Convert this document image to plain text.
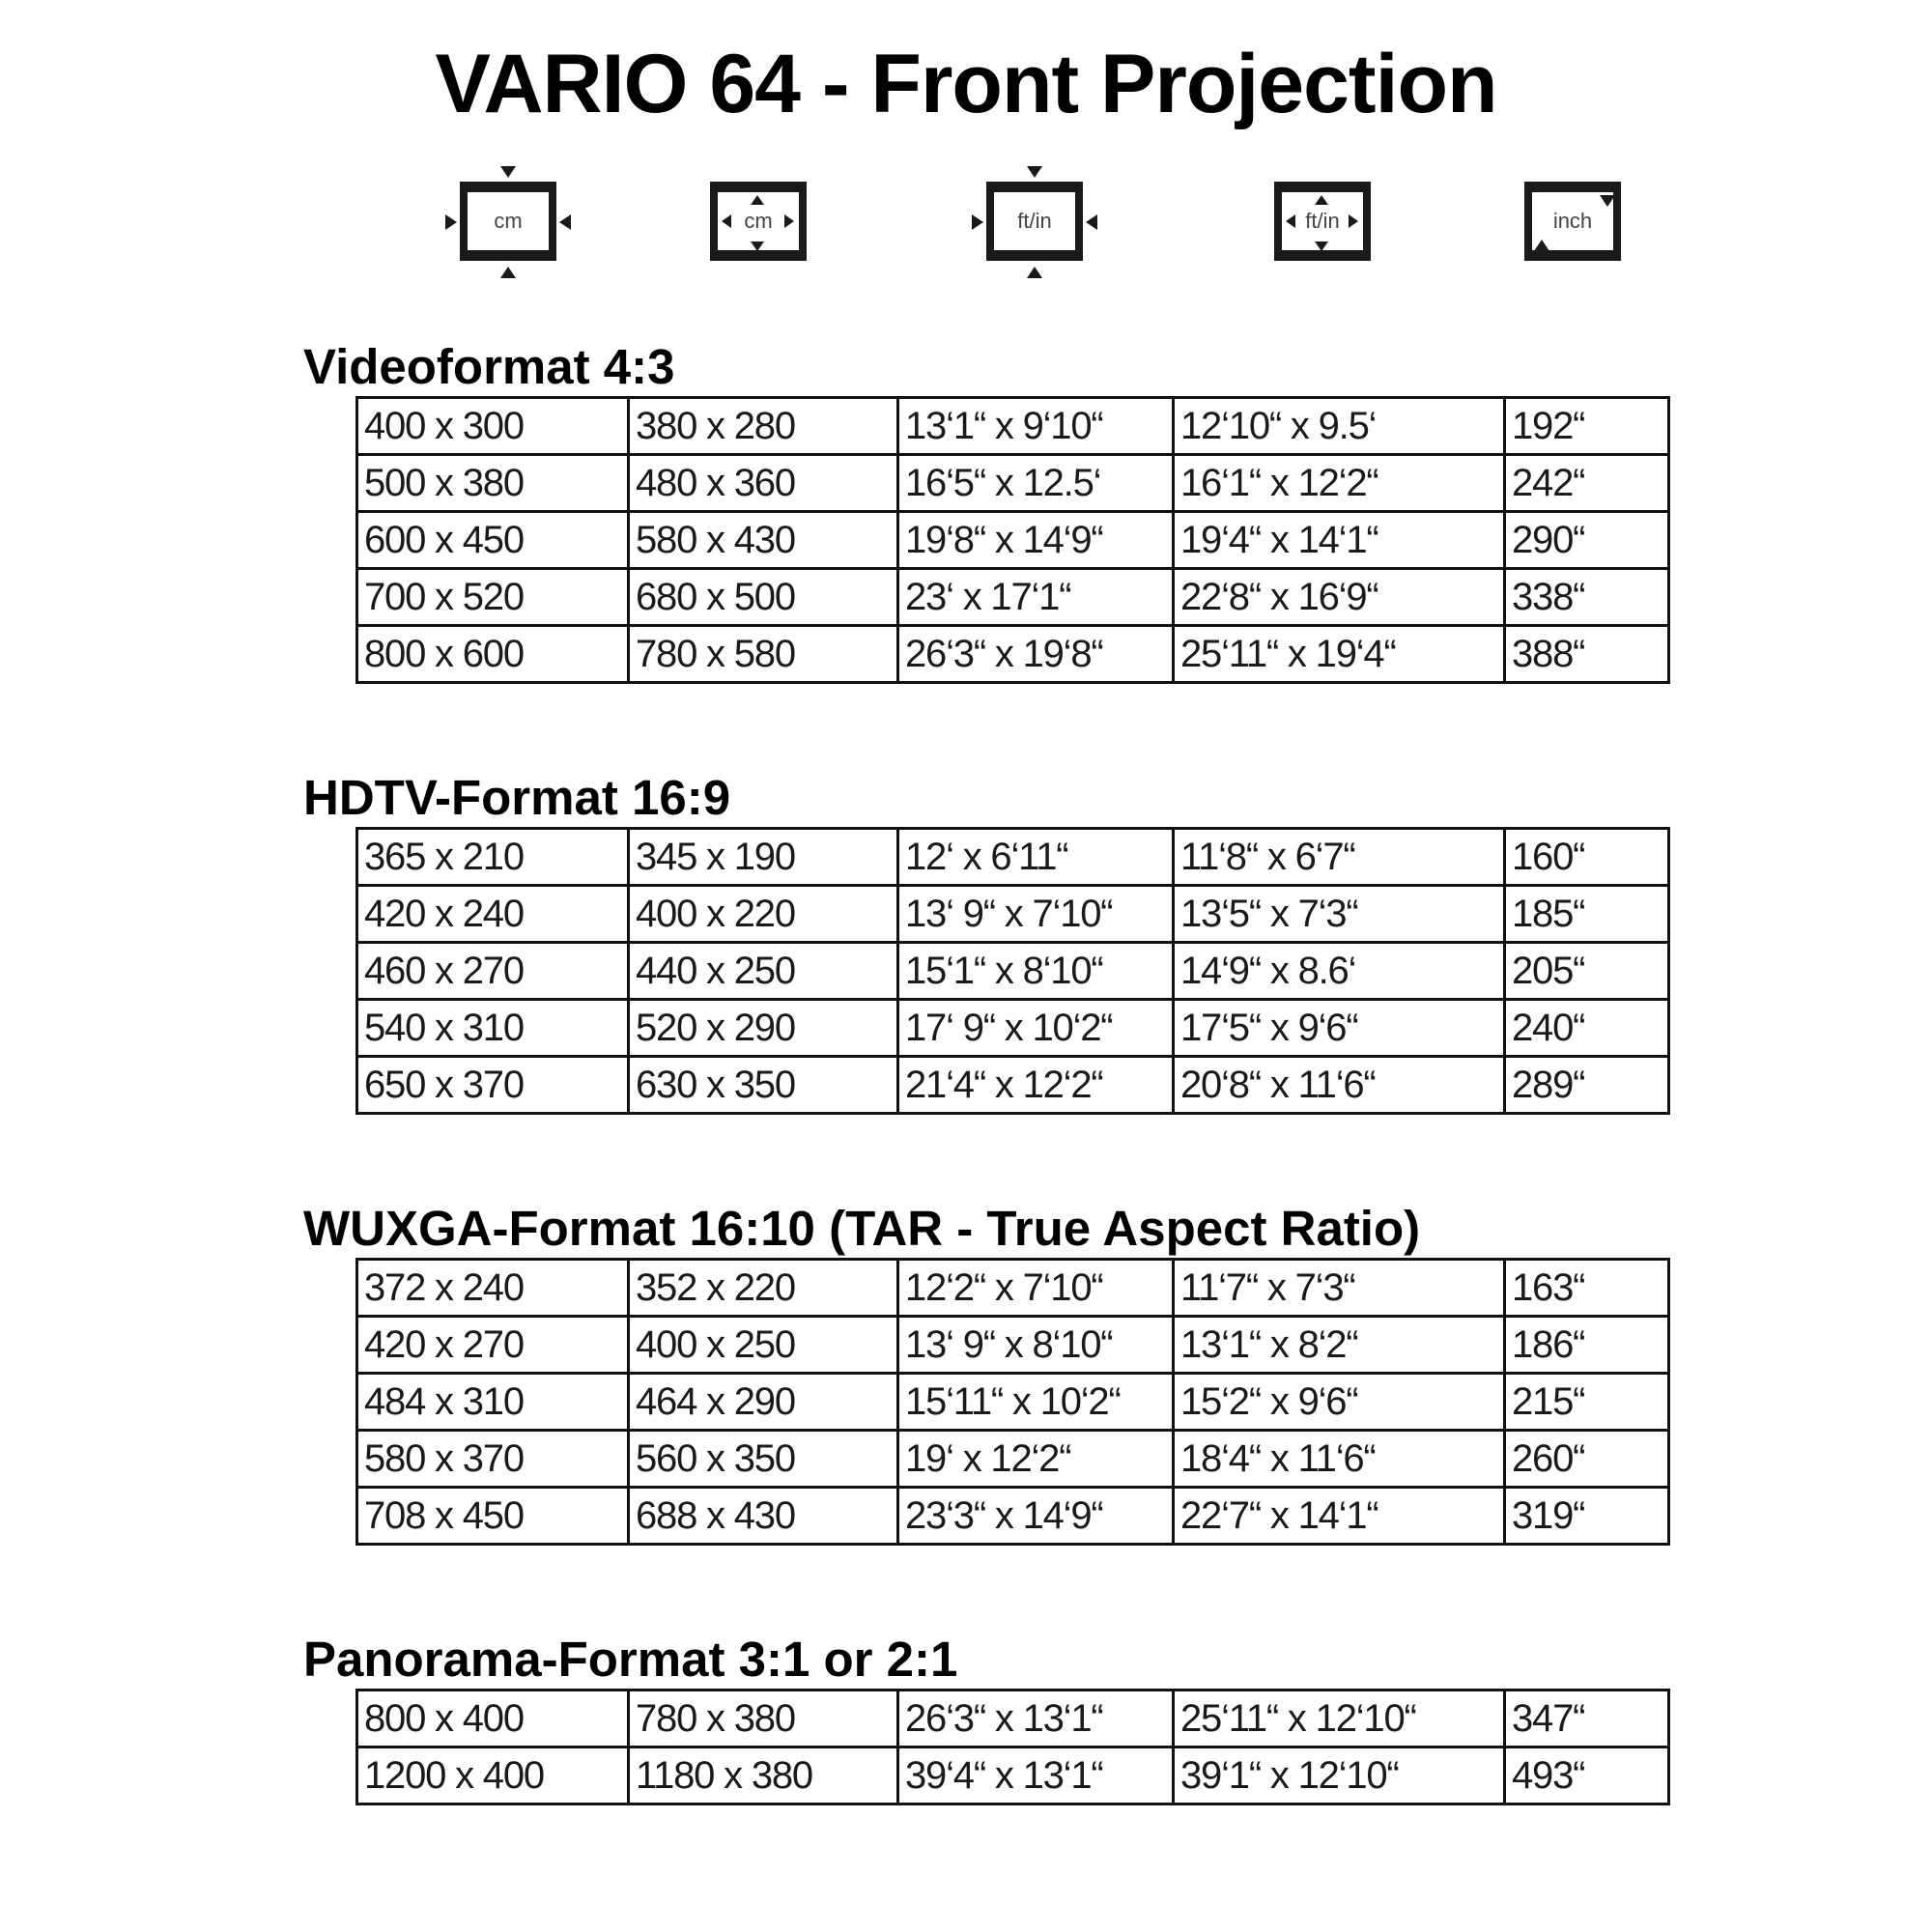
VARIO 64 - Front Projection
cm	cm	ft/in	ft/in	inch
Videoformat 4:3
400 x 300	380 x 280	13‘1“ x 9‘10“	12‘10“ x 9.5‘	192“
500 x 380	480 x 360	16‘5“ x 12.5‘	16‘1“ x 12‘2“	242“
600 x 450	580 x 430	19‘8“ x 14‘9“	19‘4“ x 14‘1“	290“
700 x 520	680 x 500	23‘ x 17‘1“	22‘8“ x 16‘9“	338“
800 x 600	780 x 580	26‘3“ x 19‘8“	25‘11“ x 19‘4“	388“
HDTV-Format 16:9
365 x 210	345 x 190	12‘ x 6‘11“	11‘8“ x 6‘7“	160“
420 x 240	400 x 220	13‘ 9“ x 7‘10“	13‘5“ x 7‘3“	185“
460 x 270	440 x 250	15‘1“ x 8‘10“	14‘9“ x 8.6‘	205“
540 x 310	520 x 290	17‘ 9“ x 10‘2“	17‘5“ x 9‘6“	240“
650 x 370	630 x 350	21‘4“ x 12‘2“	20‘8“ x 11‘6“	289“
WUXGA-Format 16:10 (TAR - True Aspect Ratio)
372 x 240	352 x 220	12‘2“ x 7‘10“	11‘7“ x 7‘3“	163“
420 x 270	400 x 250	13‘ 9“ x 8‘10“	13‘1“ x 8‘2“	186“
484 x 310	464 x 290	15‘11“ x 10‘2“	15‘2“ x 9‘6“	215“
580 x 370	560 x 350	19‘ x 12‘2“	18‘4“ x 11‘6“	260“
708 x 450	688 x 430	23‘3“ x 14‘9“	22‘7“ x 14‘1“	319“
Panorama-Format 3:1 or 2:1
800 x 400	780 x 380	26‘3“ x 13‘1“	25‘11“ x 12‘10“	347“
1200 x 400	1180 x 380	39‘4“ x 13‘1“	39‘1“ x 12‘10“	493“
